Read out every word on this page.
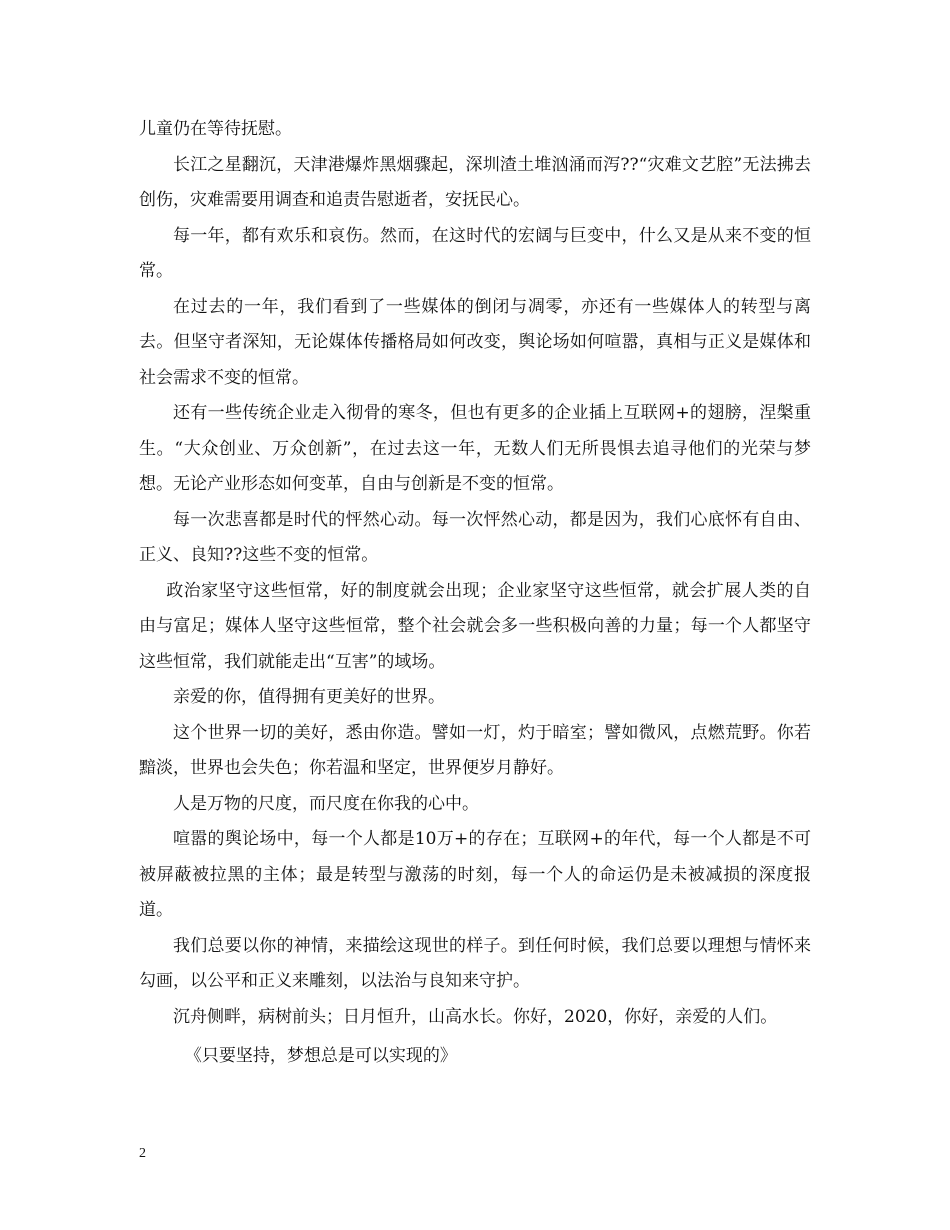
儿童仍在等待抚慰。

长江之星翻沉，天津港爆炸黑烟骤起，深圳渣土堆汹涌而泻??“灾难文艺腔”无法拂去创伤，灾难需要用调查和追责告慰逝者，安抚民心。

每一年，都有欢乐和哀伤。然而，在这时代的宏阔与巨变中，什么又是从来不变的恒常。

在过去的一年，我们看到了一些媒体的倒闭与凋零，亦还有一些媒体人的转型与离去。但坚守者深知，无论媒体传播格局如何改变，舆论场如何喧嚣，真相与正义是媒体和社会需求不变的恒常。

还有一些传统企业走入彻骨的寒冬，但也有更多的企业插上互联网+的翅膀，涅槃重生。“大众创业、万众创新”，在过去这一年，无数人们无所畏惧去追寻他们的光荣与梦想。无论产业形态如何变革，自由与创新是不变的恒常。

每一次悲喜都是时代的怦然心动。每一次怦然心动，都是因为，我们心底怀有自由、正义、良知??这些不变的恒常。

政治家坚守这些恒常，好的制度就会出现；企业家坚守这些恒常，就会扩展人类的自由与富足；媒体人坚守这些恒常，整个社会就会多一些积极向善的力量；每一个人都坚守这些恒常，我们就能走出“互害”的域场。

亲爱的你，值得拥有更美好的世界。

这个世界一切的美好，悉由你造。譬如一灯，灼于暗室；譬如微风，点燃荒野。你若黯淡，世界也会失色；你若温和坚定，世界便岁月静好。

人是万物的尺度，而尺度在你我的心中。

喧嚣的舆论场中，每一个人都是10万+的存在；互联网+的年代，每一个人都是不可被屏蔽被拉黑的主体；最是转型与激荡的时刻，每一个人的命运仍是未被减损的深度报道。

我们总要以你的神情，来描绘这现世的样子。到任何时候，我们总要以理想与情怀来勾画，以公平和正义来雕刻，以法治与良知来守护。

沉舟侧畔，病树前头；日月恒升，山高水长。你好，2020，你好，亲爱的人们。

《只要坚持，梦想总是可以实现的》

2
